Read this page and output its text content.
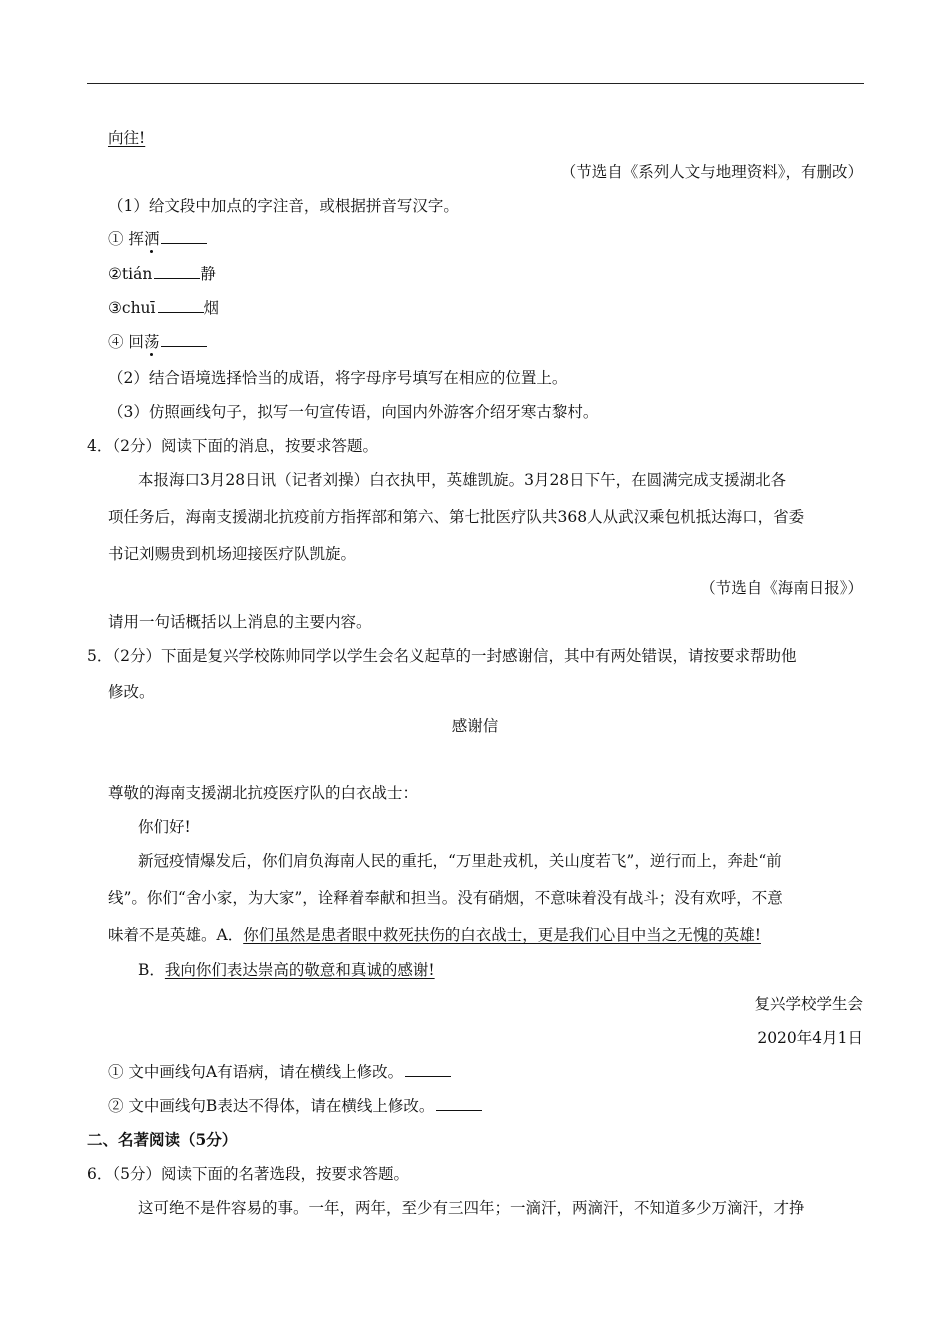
向往!
（节选自《系列人文与地理资料》，有删改）
（1）给文段中加点的字注音，或根据拼音写汉字。
① 挥洒
②tián	静
③chuī	烟
④ 回荡
（2）结合语境选择恰当的成语，将字母序号填写在相应的位置上。
（3）仿照画线句子，拟写一句宣传语，向国内外游客介绍牙寒古黎村。
4．（2分）阅读下面的消息，按要求答题。
本报海口3月28日讯（记者刘操）白衣执甲，英雄凯旋。3月28日下午，在圆满完成支援湖北各
项任务后，海南支援湖北抗疫前方指挥部和第六、第七批医疗队共368人从武汉乘包机抵达海口，省委
书记刘赐贵到机场迎接医疗队凯旋。
（节选自《海南日报》）
请用一句话概括以上消息的主要内容。
5．（2分）下面是复兴学校陈帅同学以学生会名义起草的一封感谢信，其中有两处错误，请按要求帮助他
修改。
感谢信
尊敬的海南支援湖北抗疫医疗队的白衣战士：
你们好!
新冠疫情爆发后，你们肩负海南人民的重托，“万里赴戎机，关山度若飞”，逆行而上，奔赴“前
线”。你们“舍小家，为大家”，诠释着奉献和担当。没有硝烟，不意味着没有战斗；没有欢呼，不意
味着不是英雄。A．你们虽然是患者眼中救死扶伤的白衣战士，更是我们心目中当之无愧的英雄!
B．我向你们表达崇高的敬意和真诚的感谢!
复兴学校学生会
2020年4月1日
① 文中画线句A有语病，请在横线上修改。
② 文中画线句B表达不得体，请在横线上修改。
二、名著阅读（5分）
6．（5分）阅读下面的名著选段，按要求答题。
这可绝不是件容易的事。一年，两年，至少有三四年；一滴汗，两滴汗，不知道多少万滴汗，才挣
